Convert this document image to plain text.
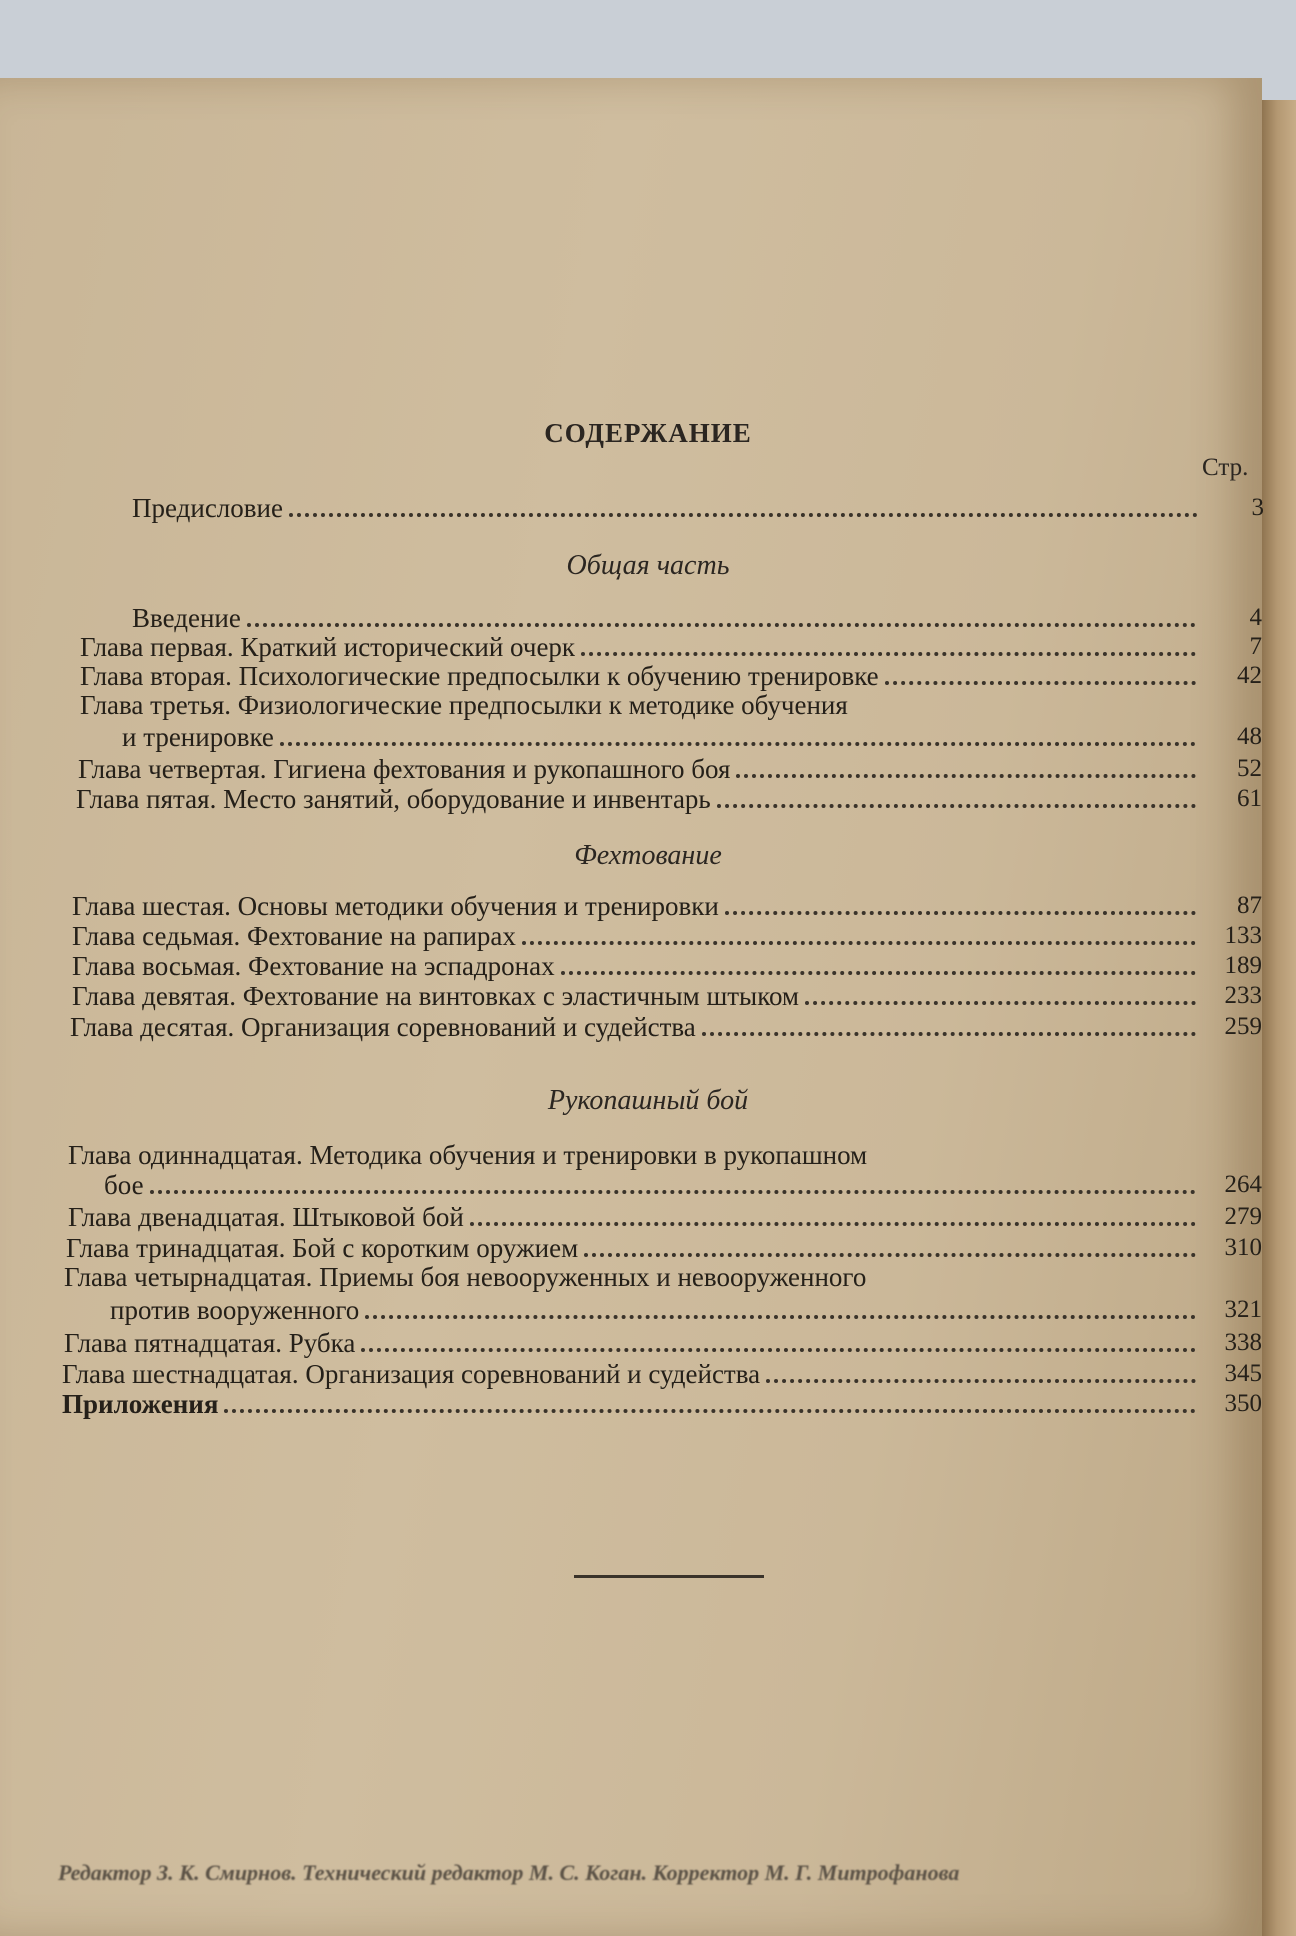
СОДЕРЖАНИЕ
Стр.
Предисловие	3
Общая часть
Введение	4
Глава первая. Краткий исторический очерк	7
Глава вторая. Психологические предпосылки к обучению тренировке	42
Глава третья. Физиологические предпосылки к методике обучения
и тренировке	48
Глава четвертая. Гигиена фехтования и рукопашного боя	52
Глава пятая. Место занятий, оборудование и инвентарь	61
Фехтование
Глава шестая. Основы методики обучения и тренировки	87
Глава седьмая. Фехтование на рапирах	133
Глава восьмая. Фехтование на эспадронах	189
Глава девятая. Фехтование на винтовках с эластичным штыком	233
Глава десятая. Организация соревнований и судейства	259
Рукопашный бой
Глава одиннадцатая. Методика обучения и тренировки в рукопашном
бое	264
Глава двенадцатая. Штыковой бой	279
Глава тринадцатая. Бой с коротким оружием	310
Глава четырнадцатая. Приемы боя невооруженных и невооруженного
против вооруженного	321
Глава пятнадцатая. Рубка	338
Глава шестнадцатая. Организация соревнований и судейства	345
Приложения	350
Редактор З. К. Смирнов. Технический редактор М. С. Коган. Корректор М. Г. Митрофанова
